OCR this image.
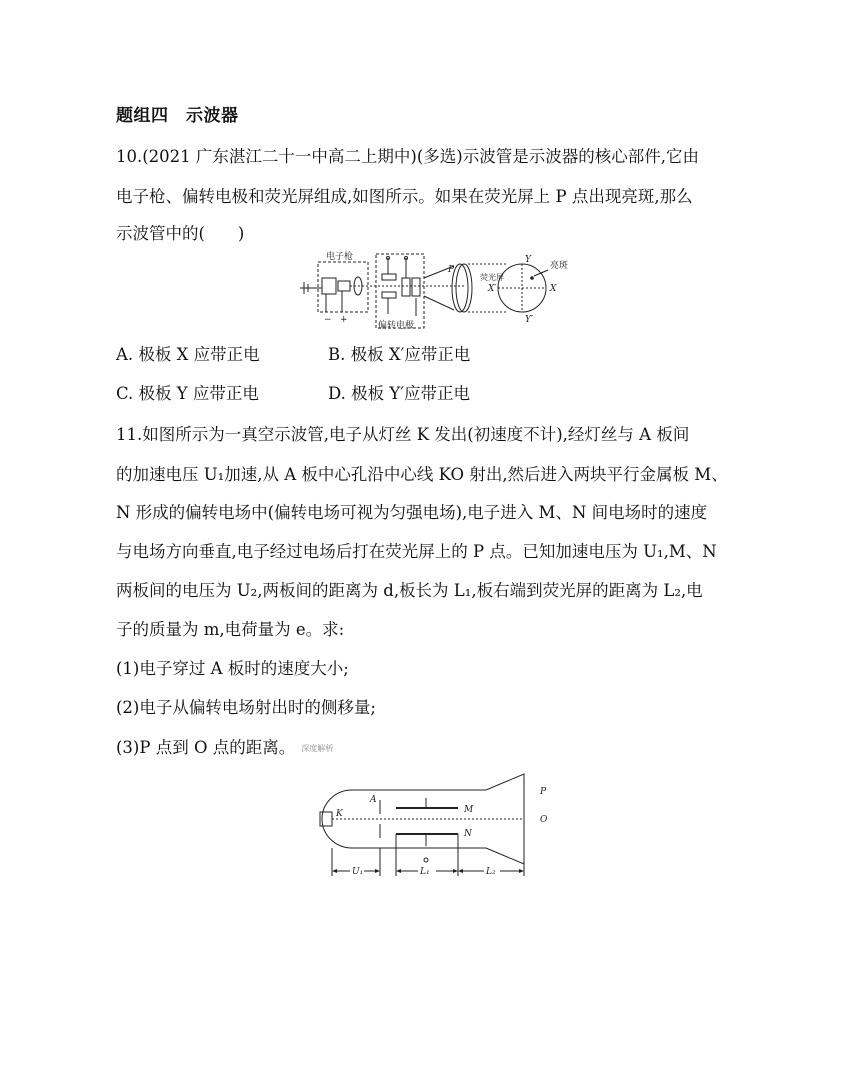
题组四　示波器
10.(2021 广东湛江二十一中高二上期中)(多选)示波管是示波器的核心部件,它由
电子枪、偏转电极和荧光屏组成,如图所示。如果在荧光屏上 P 点出现亮斑,那么
示波管中的(　　)
电子枪
偏转电极
荧光屏
亮斑
Y
Y′
X
X′
P
− +
A. 极板 X 应带正电	B. 极板 X′应带正电
C. 极板 Y 应带正电	D. 极板 Y′应带正电
11.如图所示为一真空示波管,电子从灯丝 K 发出(初速度不计),经灯丝与 A 板间
的加速电压 U₁加速,从 A 板中心孔沿中心线 KO 射出,然后进入两块平行金属板 M、
N 形成的偏转电场中(偏转电场可视为匀强电场),电子进入 M、N 间电场时的速度
与电场方向垂直,电子经过电场后打在荧光屏上的 P 点。已知加速电压为 U₁,M、N
两板间的电压为 U₂,两板间的距离为 d,板长为 L₁,板右端到荧光屏的距离为 L₂,电
子的质量为 m,电荷量为 e。求:
(1)电子穿过 A 板时的速度大小;
(2)电子从偏转电场射出时的侧移量;
(3)P 点到 O 点的距离。 深度解析
K
A
M
N
P
O
U₁	L₁	L₂
